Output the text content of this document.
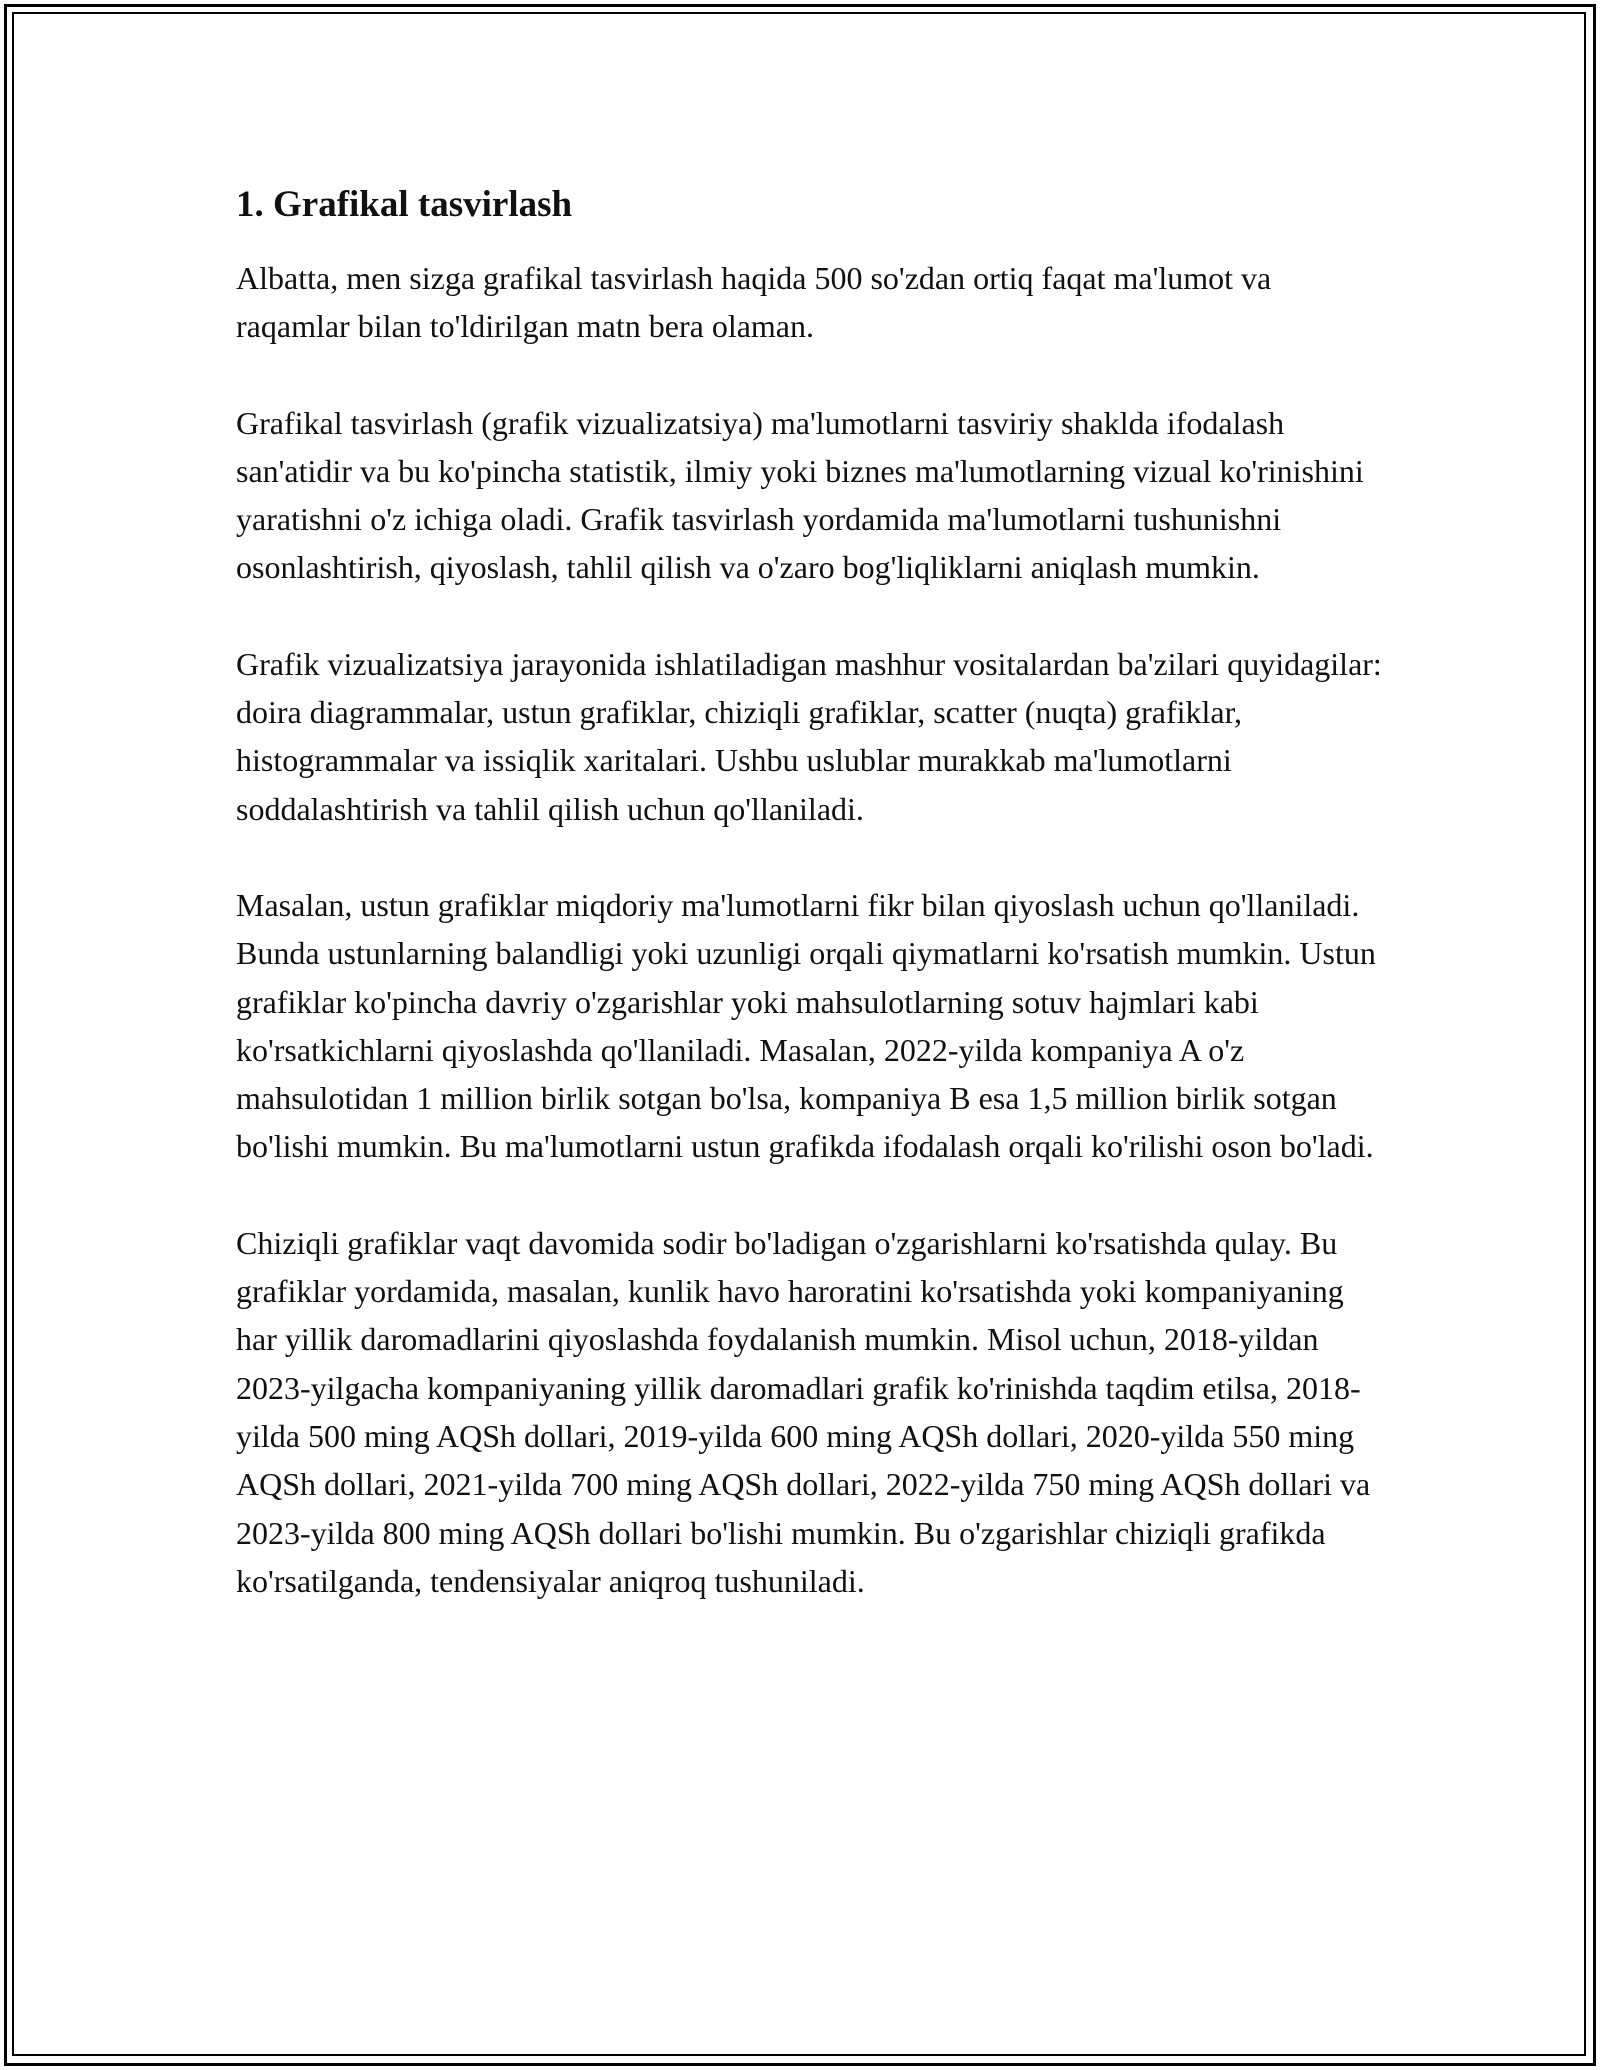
1. Grafikal tasvirlash

Albatta, men sizga grafikal tasvirlash haqida 500 so'zdan ortiq faqat ma'lumot va raqamlar bilan to'ldirilgan matn bera olaman.

Grafikal tasvirlash (grafik vizualizatsiya) ma'lumotlarni tasviriy shaklda ifodalash san'atidir va bu ko'pincha statistik, ilmiy yoki biznes ma'lumotlarning vizual ko'rinishini yaratishni o'z ichiga oladi. Grafik tasvirlash yordamida ma'lumotlarni tushunishni osonlashtirish, qiyoslash, tahlil qilish va o'zaro bog'liqliklarni aniqlash mumkin.

Grafik vizualizatsiya jarayonida ishlatiladigan mashhur vositalardan ba'zilari quyidagilar: doira diagrammalar, ustun grafiklar, chiziqli grafiklar, scatter (nuqta) grafiklar, histogrammalar va issiqlik xaritalari. Ushbu uslublar murakkab ma'lumotlarni soddalashtirish va tahlil qilish uchun qo'llaniladi.

Masalan, ustun grafiklar miqdoriy ma'lumotlarni fikr bilan qiyoslash uchun qo'llaniladi. Bunda ustunlarning balandligi yoki uzunligi orqali qiymatlarni ko'rsatish mumkin. Ustun grafiklar ko'pincha davriy o'zgarishlar yoki mahsulotlarning sotuv hajmlari kabi ko'rsatkichlarni qiyoslashda qo'llaniladi. Masalan, 2022-yilda kompaniya A o'z mahsulotidan 1 million birlik sotgan bo'lsa, kompaniya B esa 1,5 million birlik sotgan bo'lishi mumkin. Bu ma'lumotlarni ustun grafikda ifodalash orqali ko'rilishi oson bo'ladi.

Chiziqli grafiklar vaqt davomida sodir bo'ladigan o'zgarishlarni ko'rsatishda qulay. Bu grafiklar yordamida, masalan, kunlik havo haroratini ko'rsatishda yoki kompaniyaning har yillik daromadlarini qiyoslashda foydalanish mumkin. Misol uchun, 2018-yildan 2023-yilgacha kompaniyaning yillik daromadlari grafik ko'rinishda taqdim etilsa, 2018-yilda 500 ming AQSh dollari, 2019-yilda 600 ming AQSh dollari, 2020-yilda 550 ming AQSh dollari, 2021-yilda 700 ming AQSh dollari, 2022-yilda 750 ming AQSh dollari va 2023-yilda 800 ming AQSh dollari bo'lishi mumkin. Bu o'zgarishlar chiziqli grafikda ko'rsatilganda, tendensiyalar aniqroq tushuniladi.
